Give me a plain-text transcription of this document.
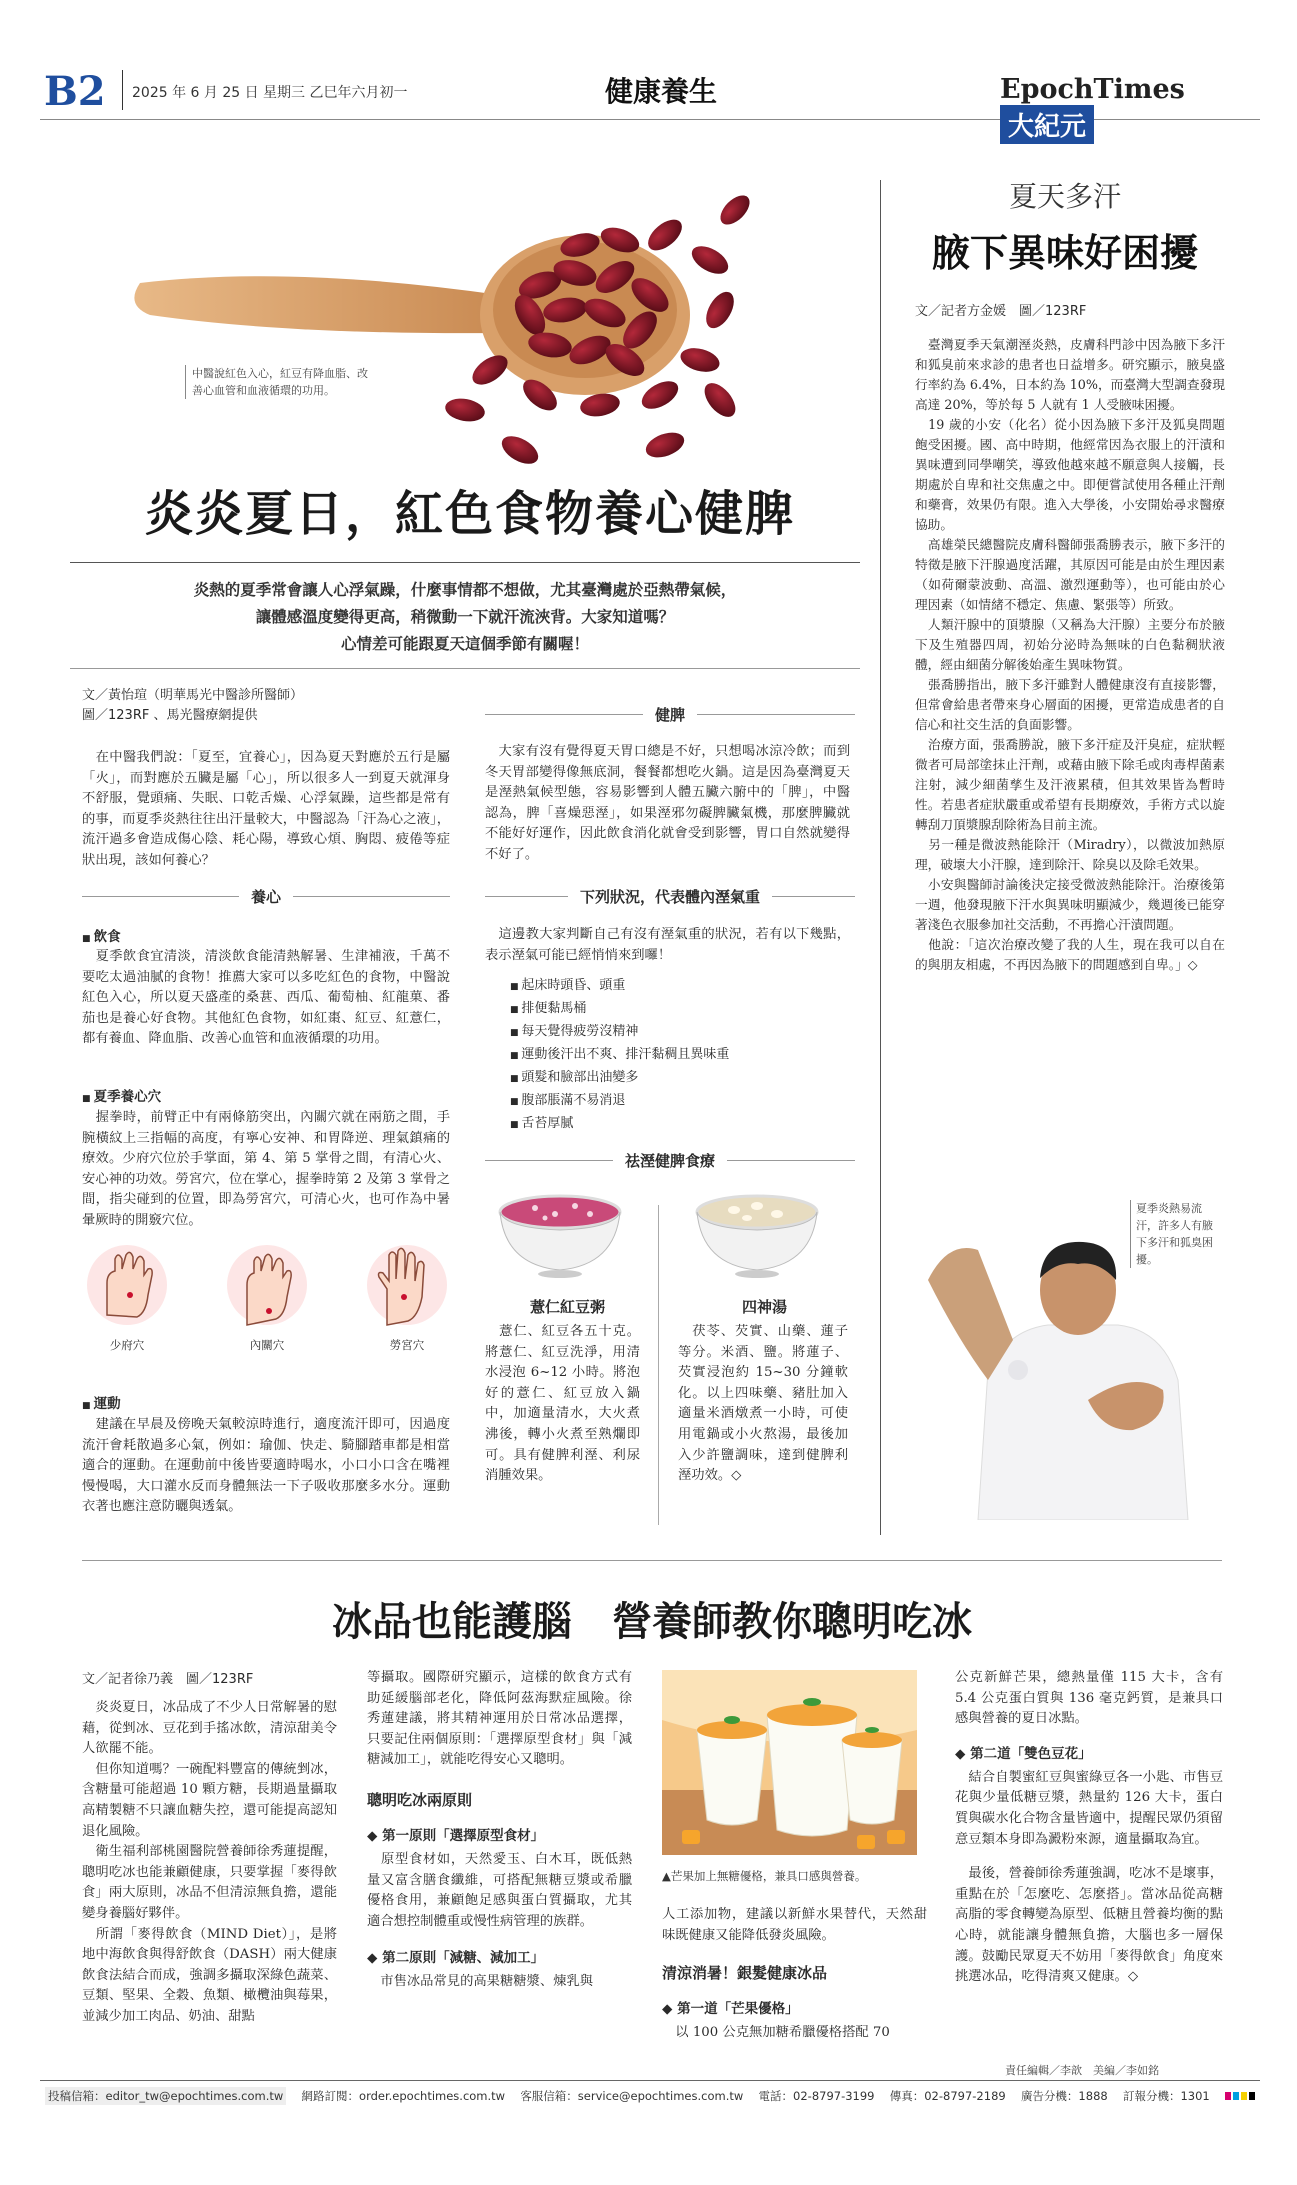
B2 2025 年 6 月 25 日 星期三 乙巳年六月初一	健康養生	EpochTimes 大紀元
中醫說紅色入心，紅豆有降血脂、改
善心血管和血液循環的功用。
炎炎夏日，紅色食物養心健脾
炎熱的夏季常會讓人心浮氣躁，什麼事情都不想做，尤其臺灣處於亞熱帶氣候，
讓體感溫度變得更高，稍微動一下就汗流浹背。大家知道嗎？
心情差可能跟夏天這個季節有關喔！
文／黃怡瑄（明華馬光中醫診所醫師）
圖／123RF 、馬光醫療網提供
　在中醫我們說：「夏至，宜養心」，因為夏天對應於五行是屬「火」，而對應於五臟是屬「心」，所以很多人一到夏天就渾身不舒服，覺頭痛、失眠、口乾舌燥、心浮氣躁，這些都是常有的事，而夏季炎熱往往出汗量較大，中醫認為「汗為心之液」，流汗過多會造成傷心陰、耗心陽，導致心煩、胸悶、疲倦等症狀出現，該如何養心？
養心
■ 飲食
　夏季飲食宜清淡，清淡飲食能清熱解暑、生津補液，千萬不要吃太過油膩的食物！推薦大家可以多吃紅色的食物，中醫說紅色入心，所以夏天盛產的桑葚、西瓜、葡萄柚、紅龍菓、番茄也是養心好食物。其他紅色食物，如紅棗、紅豆、紅薏仁，都有養血、降血脂、改善心血管和血液循環的功用。
■ 夏季養心穴
　握拳時，前臂正中有兩條筋突出，內關穴就在兩筋之間，手腕橫紋上三指幅的高度，有寧心安神、和胃降逆、理氣鎮痛的療效。少府穴位於手掌面，第 4、第 5 掌骨之間，有清心火、安心神的功效。勞宮穴，位在掌心，握拳時第 2 及第 3 掌骨之間，指尖碰到的位置，即為勞宮穴，可清心火，也可作為中暑暈厥時的開竅穴位。
少府穴	內關穴	勞宮穴
■ 運動
　建議在早晨及傍晚天氣較涼時進行，適度流汗即可，因過度流汗會耗散過多心氣，例如：瑜伽、快走、騎腳踏車都是相當適合的運動。在運動前中後皆要適時喝水，小口小口含在嘴裡慢慢喝，大口灌水反而身體無法一下子吸收那麼多水分。運動衣著也應注意防曬與透氣。
健脾
　大家有沒有覺得夏天胃口總是不好，只想喝冰涼冷飲；而到冬天胃部變得像無底洞，餐餐都想吃火鍋。這是因為臺灣夏天是溼熱氣候型態，容易影響到人體五臟六腑中的「脾」，中醫認為，脾「喜燥惡溼」，如果溼邪勿礙脾臟氣機，那麼脾臟就不能好好運作，因此飲食消化就會受到影響，胃口自然就變得不好了。
下列狀況，代表體內溼氣重
　這邊教大家判斷自己有沒有溼氣重的狀況，若有以下幾點，表示溼氣可能已經悄悄來到囉！
■ 起床時頭昏、頭重
■ 排便黏馬桶
■ 每天覺得疲勞沒精神
■ 運動後汗出不爽、排汗黏稠且異味重
■ 頭髮和臉部出油變多
■ 腹部脹滿不易消退
■ 舌苔厚膩
祛溼健脾食療
薏仁紅豆粥
　薏仁、紅豆各五十克。將薏仁、紅豆洗淨，用清水浸泡 6~12 小時。將泡好的薏仁、紅豆放入鍋中，加適量清水，大火煮沸後，轉小火煮至熟爛即可。具有健脾利溼、利尿消腫效果。
四神湯
　茯苓、芡實、山藥、蓮子等分。米酒、鹽。將蓮子、芡實浸泡約 15~30 分鐘軟化。以上四味藥、豬肚加入適量米酒燉煮一小時，可使用電鍋或小火熬湯，最後加入少許鹽調味，達到健脾利溼功效。◇
夏天多汗
腋下異味好困擾
文／記者方金媛　圖／123RF
　臺灣夏季天氣潮溼炎熱，皮膚科門診中因為腋下多汗和狐臭前來求診的患者也日益增多。研究顯示，腋臭盛行率約為 6.4%，日本約為 10%，而臺灣大型調查發現高達 20%，等於每 5 人就有 1 人受腋味困擾。
　19 歲的小安（化名）從小因為腋下多汗及狐臭問題飽受困擾。國、高中時期，他經常因為衣服上的汗漬和異味遭到同學嘲笑，導致他越來越不願意與人接觸，長期處於自卑和社交焦慮之中。即便嘗試使用各種止汗劑和藥膏，效果仍有限。進入大學後，小安開始尋求醫療協助。
　高雄榮民總醫院皮膚科醫師張喬勝表示，腋下多汗的特徵是腋下汗腺過度活躍，其原因可能是由於生理因素（如荷爾蒙波動、高溫、激烈運動等），也可能由於心理因素（如情緒不穩定、焦慮、緊張等）所致。
　人類汗腺中的頂漿腺（又稱為大汗腺）主要分布於腋下及生殖器四周，初始分泌時為無味的白色黏稠狀液體，經由細菌分解後始產生異味物質。
　張喬勝指出，腋下多汗雖對人體健康沒有直接影響，但常會給患者帶來身心層面的困擾，更常造成患者的自信心和社交生活的負面影響。
　治療方面，張喬勝說，腋下多汗症及汗臭症，症狀輕微者可局部塗抹止汗劑，或藉由腋下除毛或肉毒桿菌素注射，減少細菌孳生及汗液累積，但其效果皆為暫時性。若患者症狀嚴重或希望有長期療效，手術方式以旋轉刮刀頂漿腺刮除術為目前主流。
　另一種是微波熱能除汗（Miradry），以微波加熱原理，破壞大小汗腺，達到除汗、除臭以及除毛效果。
　小安與醫師討論後決定接受微波熱能除汗。治療後第一週，他發現腋下汗水與異味明顯減少，幾週後已能穿著淺色衣服參加社交活動，不再擔心汗漬問題。
　他說：「這次治療改變了我的人生，現在我可以自在的與朋友相處，不再因為腋下的問題感到自卑。」◇
夏季炎熱易流汗，許多人有腋下多汗和狐臭困擾。
冰品也能護腦　營養師教你聰明吃冰
文／記者徐乃義　圖／123RF
　炎炎夏日，冰品成了不少人日常解暑的慰藉，從剉冰、豆花到手搖冰飲，清涼甜美令人欲罷不能。
　但你知道嗎？一碗配料豐富的傳統剉冰，含糖量可能超過 10 顆方糖，長期過量攝取高精製糖不只讓血糖失控，還可能提高認知退化風險。
　衛生福利部桃園醫院營養師徐秀蓮提醒，聰明吃冰也能兼顧健康，只要掌握「麥得飲食」兩大原則，冰品不但清涼無負擔，還能變身養腦好夥伴。
　所謂「麥得飲食（MIND Diet）」，是將地中海飲食與得舒飲食（DASH）兩大健康飲食法結合而成，強調多攝取深綠色蔬菜、豆類、堅果、全穀、魚類、橄欖油與莓果，並減少加工肉品、奶油、甜點
等攝取。國際研究顯示，這樣的飲食方式有助延緩腦部老化，降低阿茲海默症風險。徐秀蓮建議，將其精神運用於日常冰品選擇，只要記住兩個原則：「選擇原型食材」與「減糖減加工」，就能吃得安心又聰明。
聰明吃冰兩原則
◆ 第一原則「選擇原型食材」
　原型食材如，天然愛玉、白木耳，既低熱量又富含膳食纖維，可搭配無糖豆漿或希臘優格食用，兼顧飽足感與蛋白質攝取，尤其適合想控制體重或慢性病管理的族群。
◆ 第二原則「減糖、減加工」
　市售冰品常見的高果糖糖漿、煉乳與
▲芒果加上無糖優格，兼具口感與營養。
人工添加物，建議以新鮮水果替代，天然甜味既健康又能降低發炎風險。
清涼消暑！銀髮健康冰品
◆ 第一道「芒果優格」
　以 100 公克無加糖希臘優格搭配 70
公克新鮮芒果，總熱量僅 115 大卡，含有 5.4 公克蛋白質與 136 毫克鈣質，是兼具口感與營養的夏日冰點。
◆ 第二道「雙色豆花」
　結合自製蜜紅豆與蜜綠豆各一小匙、市售豆花與少量低糖豆漿，熱量約 126 大卡，蛋白質與碳水化合物含量皆適中，提醒民眾仍須留意豆類本身即為澱粉來源，適量攝取為宜。
　最後，營養師徐秀蓮強調，吃冰不是壞事，重點在於「怎麼吃、怎麼搭」。當冰品從高糖高脂的零食轉變為原型、低糖且營養均衡的點心時，就能讓身體無負擔，大腦也多一層保護。鼓勵民眾夏天不妨用「麥得飲食」角度來挑選冰品，吃得清爽又健康。◇
責任編輯／李歆　美編／李如銘
投稿信箱：editor_tw@epochtimes.com.tw 網路訂閱：order.epochtimes.com.tw 客服信箱：service@epochtimes.com.tw 電話：02-8797-3199 傳真：02-8797-2189 廣告分機：1888 訂報分機：1301
